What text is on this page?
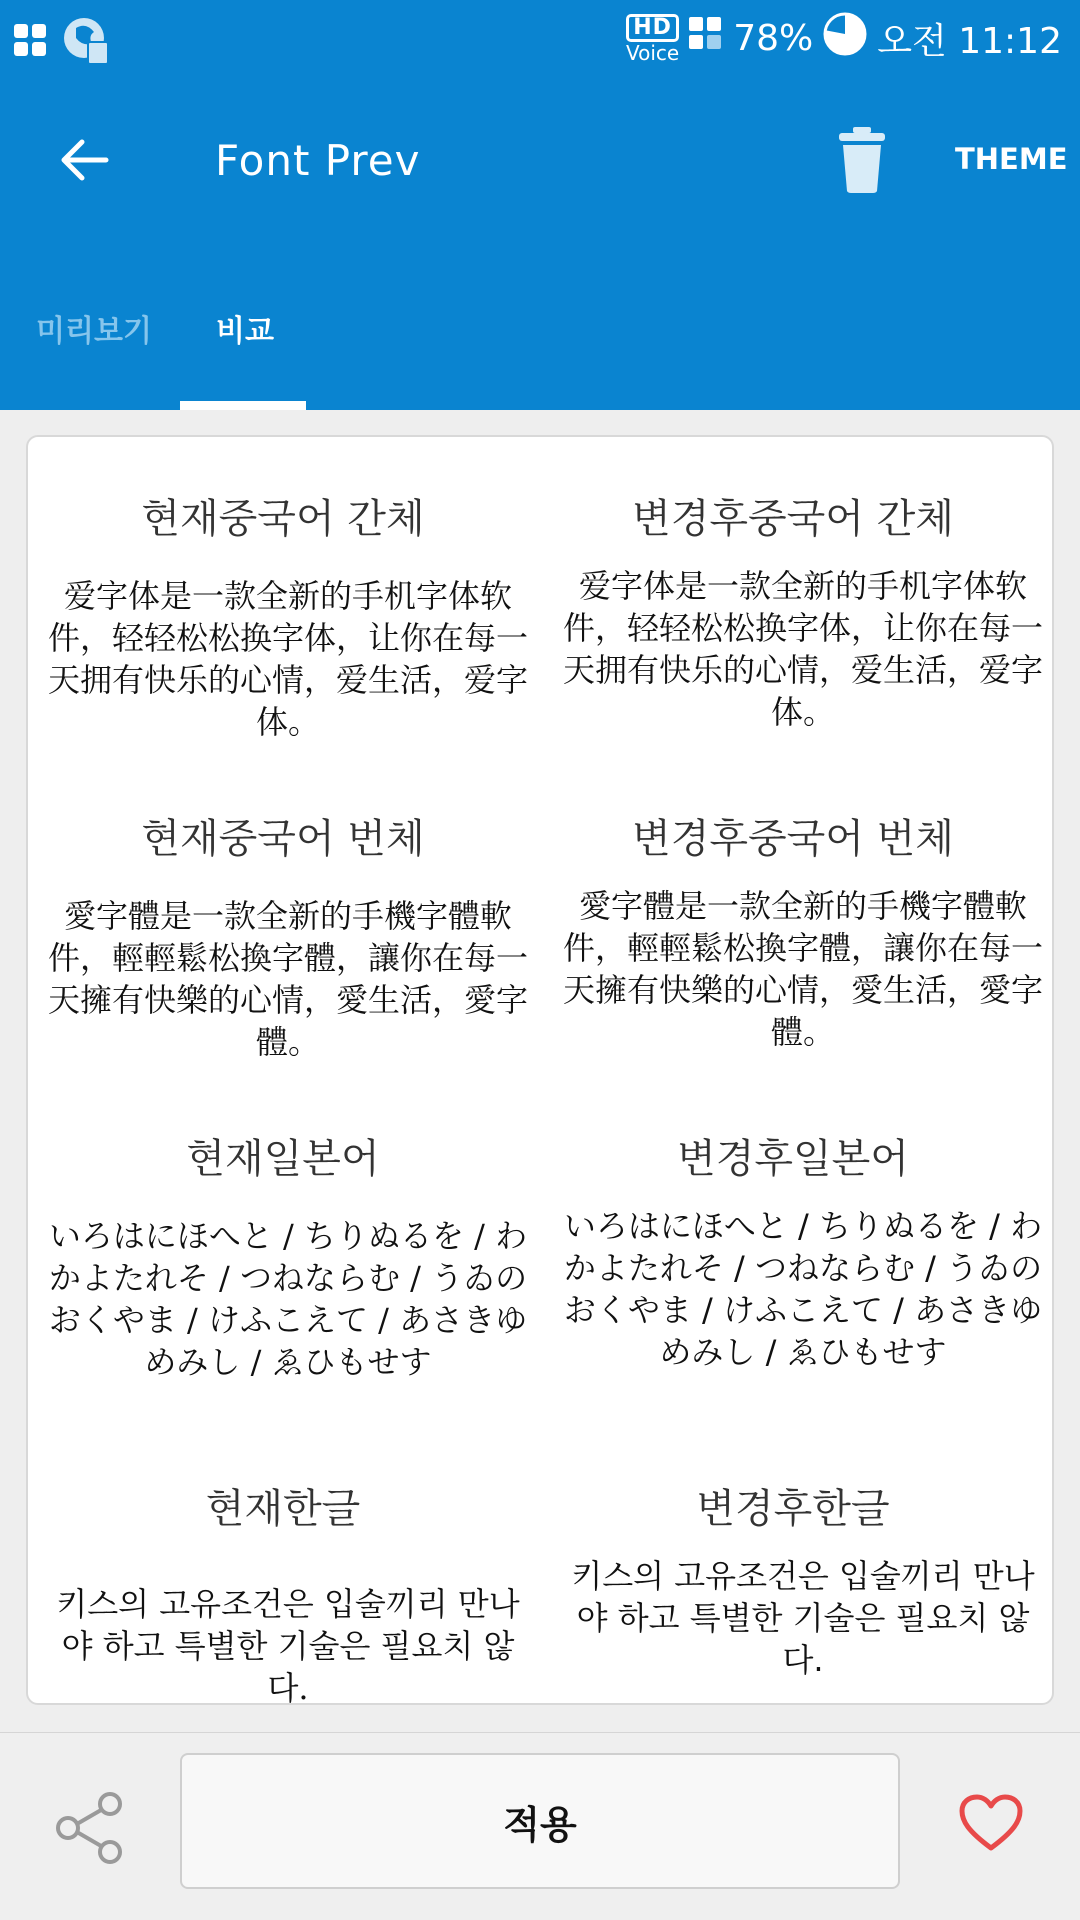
HD
Voice 78% 오전 11:12
Font Prev	THEME
미리보기 비교
현재중국어 간체
爱字体是一款全新的手机字体软件，轻轻松松换字体，让你在每一天拥有快乐的心情，爱生活，爱字体。
변경후중국어 간체
爱字体是一款全新的手机字体软件，轻轻松松换字体，让你在每一天拥有快乐的心情，爱生活，爱字体。
현재중국어 번체
愛字體是一款全新的手機字體軟件，輕輕鬆松換字體，讓你在每一天擁有快樂的心情，愛生活，愛字體。
변경후중국어 번체
愛字體是一款全新的手機字體軟件，輕輕鬆松換字體，讓你在每一天擁有快樂的心情，愛生活，愛字體。
현재일본어
いろはにほへと / ちりぬるを / わかよたれそ / つねならむ / うゐのおくやま / けふこえて / あさきゆめみし / ゑひもせす
변경후일본어
いろはにほへと / ちりぬるを / わかよたれそ / つねならむ / うゐのおくやま / けふこえて / あさきゆめみし / ゑひもせす
현재한글
키스의 고유조건은 입술끼리 만나야 하고 특별한 기술은 필요치 않다.
변경후한글
키스의 고유조건은 입술끼리 만나야 하고 특별한 기술은 필요치 않다.
적용
